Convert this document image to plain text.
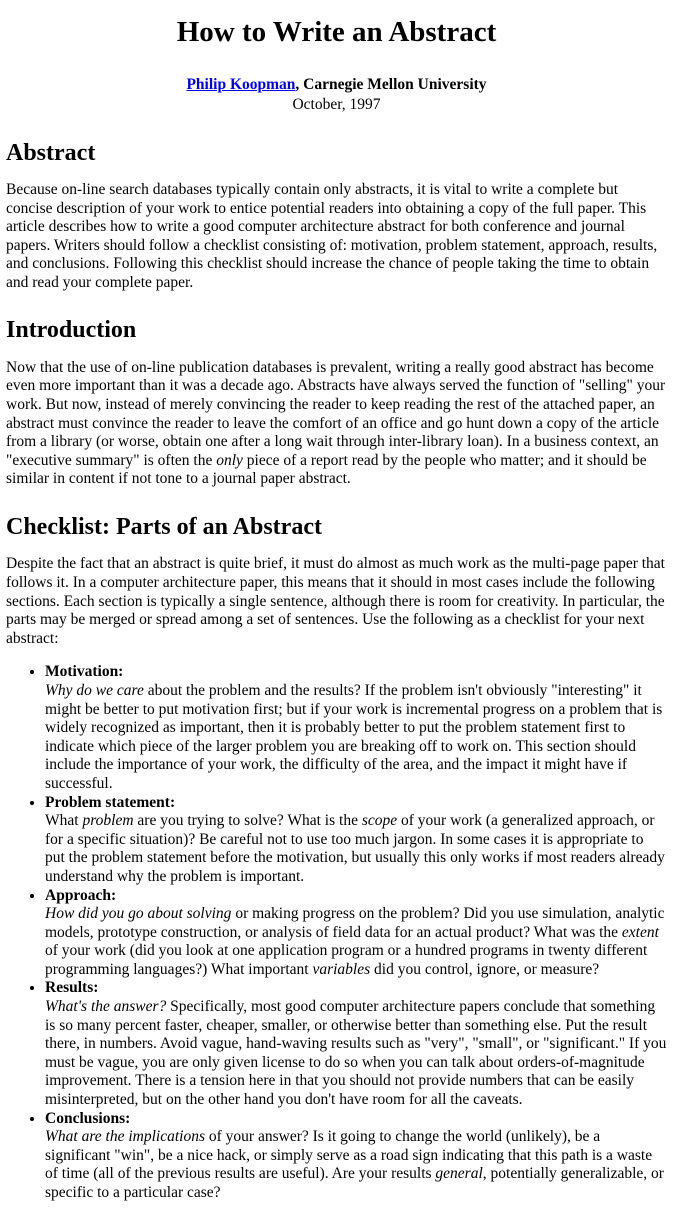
How to Write an Abstract
Philip Koopman, Carnegie Mellon University
October, 1997
Abstract

Because on-line search databases typically contain only abstracts, it is vital to write a complete but concise description of your work to entice potential readers into obtaining a copy of the full paper. This article describes how to write a good computer architecture abstract for both conference and journal papers. Writers should follow a checklist consisting of: motivation, problem statement, approach, results, and conclusions. Following this checklist should increase the chance of people taking the time to obtain and read your complete paper.

Introduction

Now that the use of on-line publication databases is prevalent, writing a really good abstract has become even more important than it was a decade ago. Abstracts have always served the function of "selling" your work. But now, instead of merely convincing the reader to keep reading the rest of the attached paper, an abstract must convince the reader to leave the comfort of an office and go hunt down a copy of the article from a library (or worse, obtain one after a long wait through inter-library loan). In a business context, an "executive summary" is often the only piece of a report read by the people who matter; and it should be similar in content if not tone to a journal paper abstract.

Checklist: Parts of an Abstract

Despite the fact that an abstract is quite brief, it must do almost as much work as the multi-page paper that follows it. In a computer architecture paper, this means that it should in most cases include the following sections. Each section is typically a single sentence, although there is room for creativity. In particular, the parts may be merged or spread among a set of sentences. Use the following as a checklist for your next abstract:

• Motivation:
Why do we care about the problem and the results? If the problem isn't obviously "interesting" it might be better to put motivation first; but if your work is incremental progress on a problem that is widely recognized as important, then it is probably better to put the problem statement first to indicate which piece of the larger problem you are breaking off to work on. This section should include the importance of your work, the difficulty of the area, and the impact it might have if successful.
• Problem statement:
What problem are you trying to solve? What is the scope of your work (a generalized approach, or for a specific situation)? Be careful not to use too much jargon. In some cases it is appropriate to put the problem statement before the motivation, but usually this only works if most readers already understand why the problem is important.
• Approach:
How did you go about solving or making progress on the problem? Did you use simulation, analytic models, prototype construction, or analysis of field data for an actual product? What was the extent of your work (did you look at one application program or a hundred programs in twenty different programming languages?) What important variables did you control, ignore, or measure?
• Results:
What's the answer? Specifically, most good computer architecture papers conclude that something is so many percent faster, cheaper, smaller, or otherwise better than something else. Put the result there, in numbers. Avoid vague, hand-waving results such as "very", "small", or "significant." If you must be vague, you are only given license to do so when you can talk about orders-of-magnitude improvement. There is a tension here in that you should not provide numbers that can be easily misinterpreted, but on the other hand you don't have room for all the caveats.
• Conclusions:
What are the implications of your answer? Is it going to change the world (unlikely), be a significant "win", be a nice hack, or simply serve as a road sign indicating that this path is a waste of time (all of the previous results are useful). Are your results general, potentially generalizable, or specific to a particular case?
